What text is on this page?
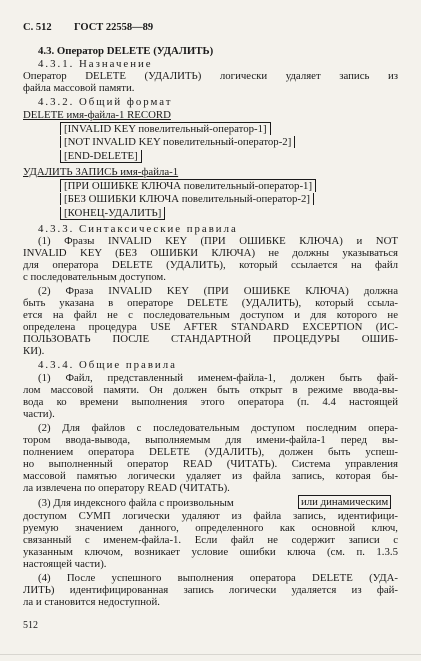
С. 512 ГОСТ 22558—89
4.3. Оператор DELETE (УДАЛИТЬ)
4.3.1. Назначение
Оператор DELETE (УДАЛИТЬ) логически удаляет запись из
файла массовой памяти.
4.3.2. Общий формат
DELETE имя-файла-1 RECORD
[INVALID KEY повелительный-оператор-1]
[NOT INVALID KEY повелительный-оператор-2]
[END-DELETE]
УДАЛИТЬ ЗАПИСЬ имя-файла-1
[ПРИ ОШИБКЕ КЛЮЧА повелительный-оператор-1]
[БЕЗ ОШИБКИ КЛЮЧА повелительный-оператор-2]
[КОНЕЦ-УДАЛИТЬ]
4.3.3. Синтаксические правила
(1) Фразы INVALID KEY (ПРИ ОШИБКЕ КЛЮЧА) и NOT
INVALID KEY (БЕЗ ОШИБКИ КЛЮЧА) не должны указываться
для оператора DELETE (УДАЛИТЬ), который ссылается на файл
с последовательным доступом.
(2) Фраза INVALID KEY (ПРИ ОШИБКЕ КЛЮЧА) должна
быть указана в операторе DELETE (УДАЛИТЬ), который ссыла-
ется на файл не с последовательным доступом и для которого не
определена процедура USE AFTER STANDARD EXCEPTION (ИС-
ПОЛЬЗОВАТЬ ПОСЛЕ СТАНДАРТНОЙ ПРОЦЕДУРЫ ОШИБ-
КИ).
4.3.4. Общие правила
(1) Файл, представленный именем-файла-1, должен быть фай-
лом массовой памяти. Он должен быть открыт в режиме ввода-вы-
вода ко времени выполнения этого оператора (п. 4.4 настоящей
части).
(2) Для файлов с последовательным доступом последним опера-
тором ввода-вывода, выполняемым для имени-файла-1 перед вы-
полнением оператора DELETE (УДАЛИТЬ), должен быть успеш-
но выполненный оператор READ (ЧИТАТЬ). Система управления
массовой памятью логически удаляет из файла запись, которая бы-
ла извлечена по оператору READ (ЧИТАТЬ).
(3) Для индексного файла с произвольным	или динамическим
доступом СУМП логически удаляют из файла запись, идентифици-
руемую значением данного, определенного как основной ключ,
связанный с именем-файла-1. Если файл не содержит записи с
указанным ключом, возникает условие ошибки ключа (см. п. 1.3.5
настоящей части).
(4) После успешного выполнения оператора DELETE (УДА-
ЛИТЬ) идентифицированная запись логически удаляется из фай-
ла и становится недоступной.
512
